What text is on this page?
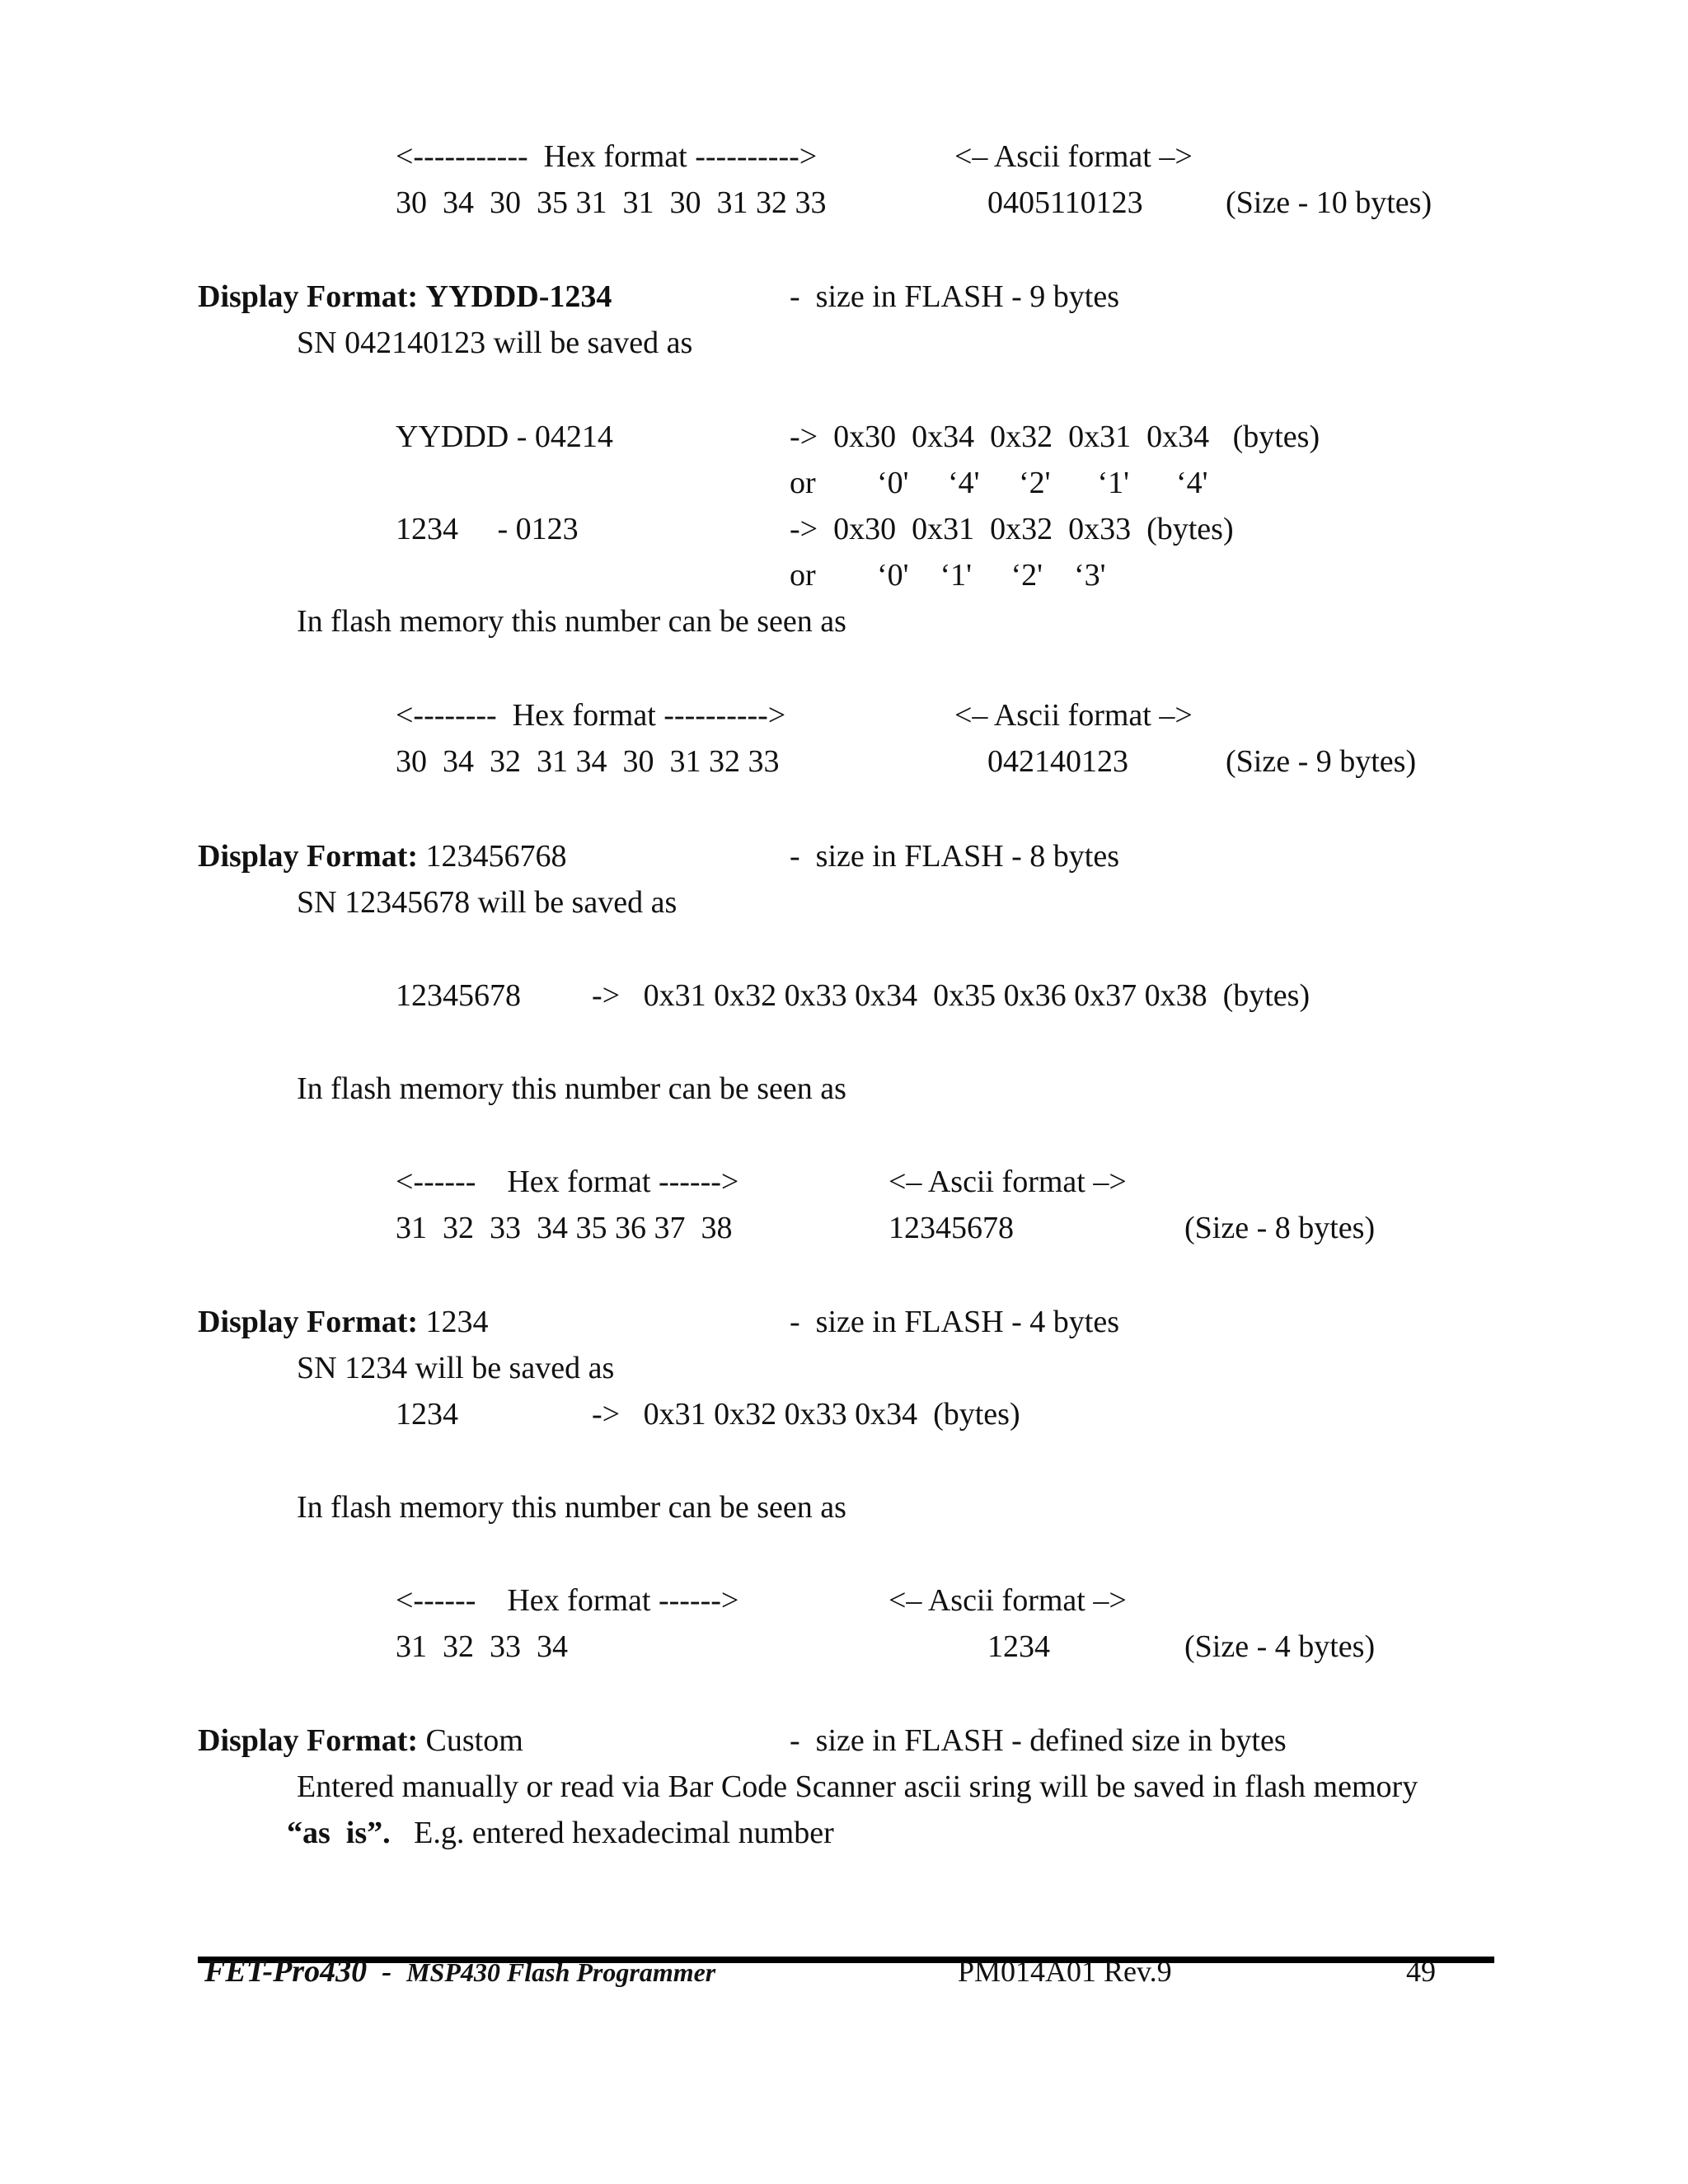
<-----------  Hex format ---------->	<– Ascii format –>
30  34  30  35 31  31  30  31 32 33	0405110123	(Size - 10 bytes)
Display Format: YYDDD-1234	-  size in FLASH - 9 bytes
SN 042140123 will be saved as
YYDDD - 04214	->  0x30  0x34  0x32  0x31  0x34   (bytes)
or ‘0'     ‘4'     ‘2'      ‘1'      ‘4'
1234     - 0123	->  0x30  0x31  0x32  0x33  (bytes)
or ‘0'    ‘1'     ‘2'    ‘3'
In flash memory this number can be seen as
<--------  Hex format ---------->	<– Ascii format –>
30  34  32  31 34  30  31 32 33	042140123	(Size - 9 bytes)
Display Format: 123456768	-  size in FLASH - 8 bytes
SN 12345678 will be saved as
12345678 ->   0x31 0x32 0x33 0x34  0x35 0x36 0x37 0x38  (bytes)
In flash memory this number can be seen as
<------    Hex format ------>	<– Ascii format –>
31  32  33  34 35 36 37  38	12345678	(Size - 8 bytes)
Display Format: 1234	-  size in FLASH - 4 bytes
SN 1234 will be saved as
1234	->   0x31 0x32 0x33 0x34  (bytes)
In flash memory this number can be seen as
<------    Hex format ------>	<– Ascii format –>
31  32  33  34	1234	(Size - 4 bytes)
Display Format: Custom	-  size in FLASH - defined size in bytes
Entered manually or read via Bar Code Scanner ascii sring will be saved in flash memory
“as  is”. E.g. entered hexadecimal number
FET-Pro430 - MSP430 Flash Programmer	PM014A01 Rev.9	49
